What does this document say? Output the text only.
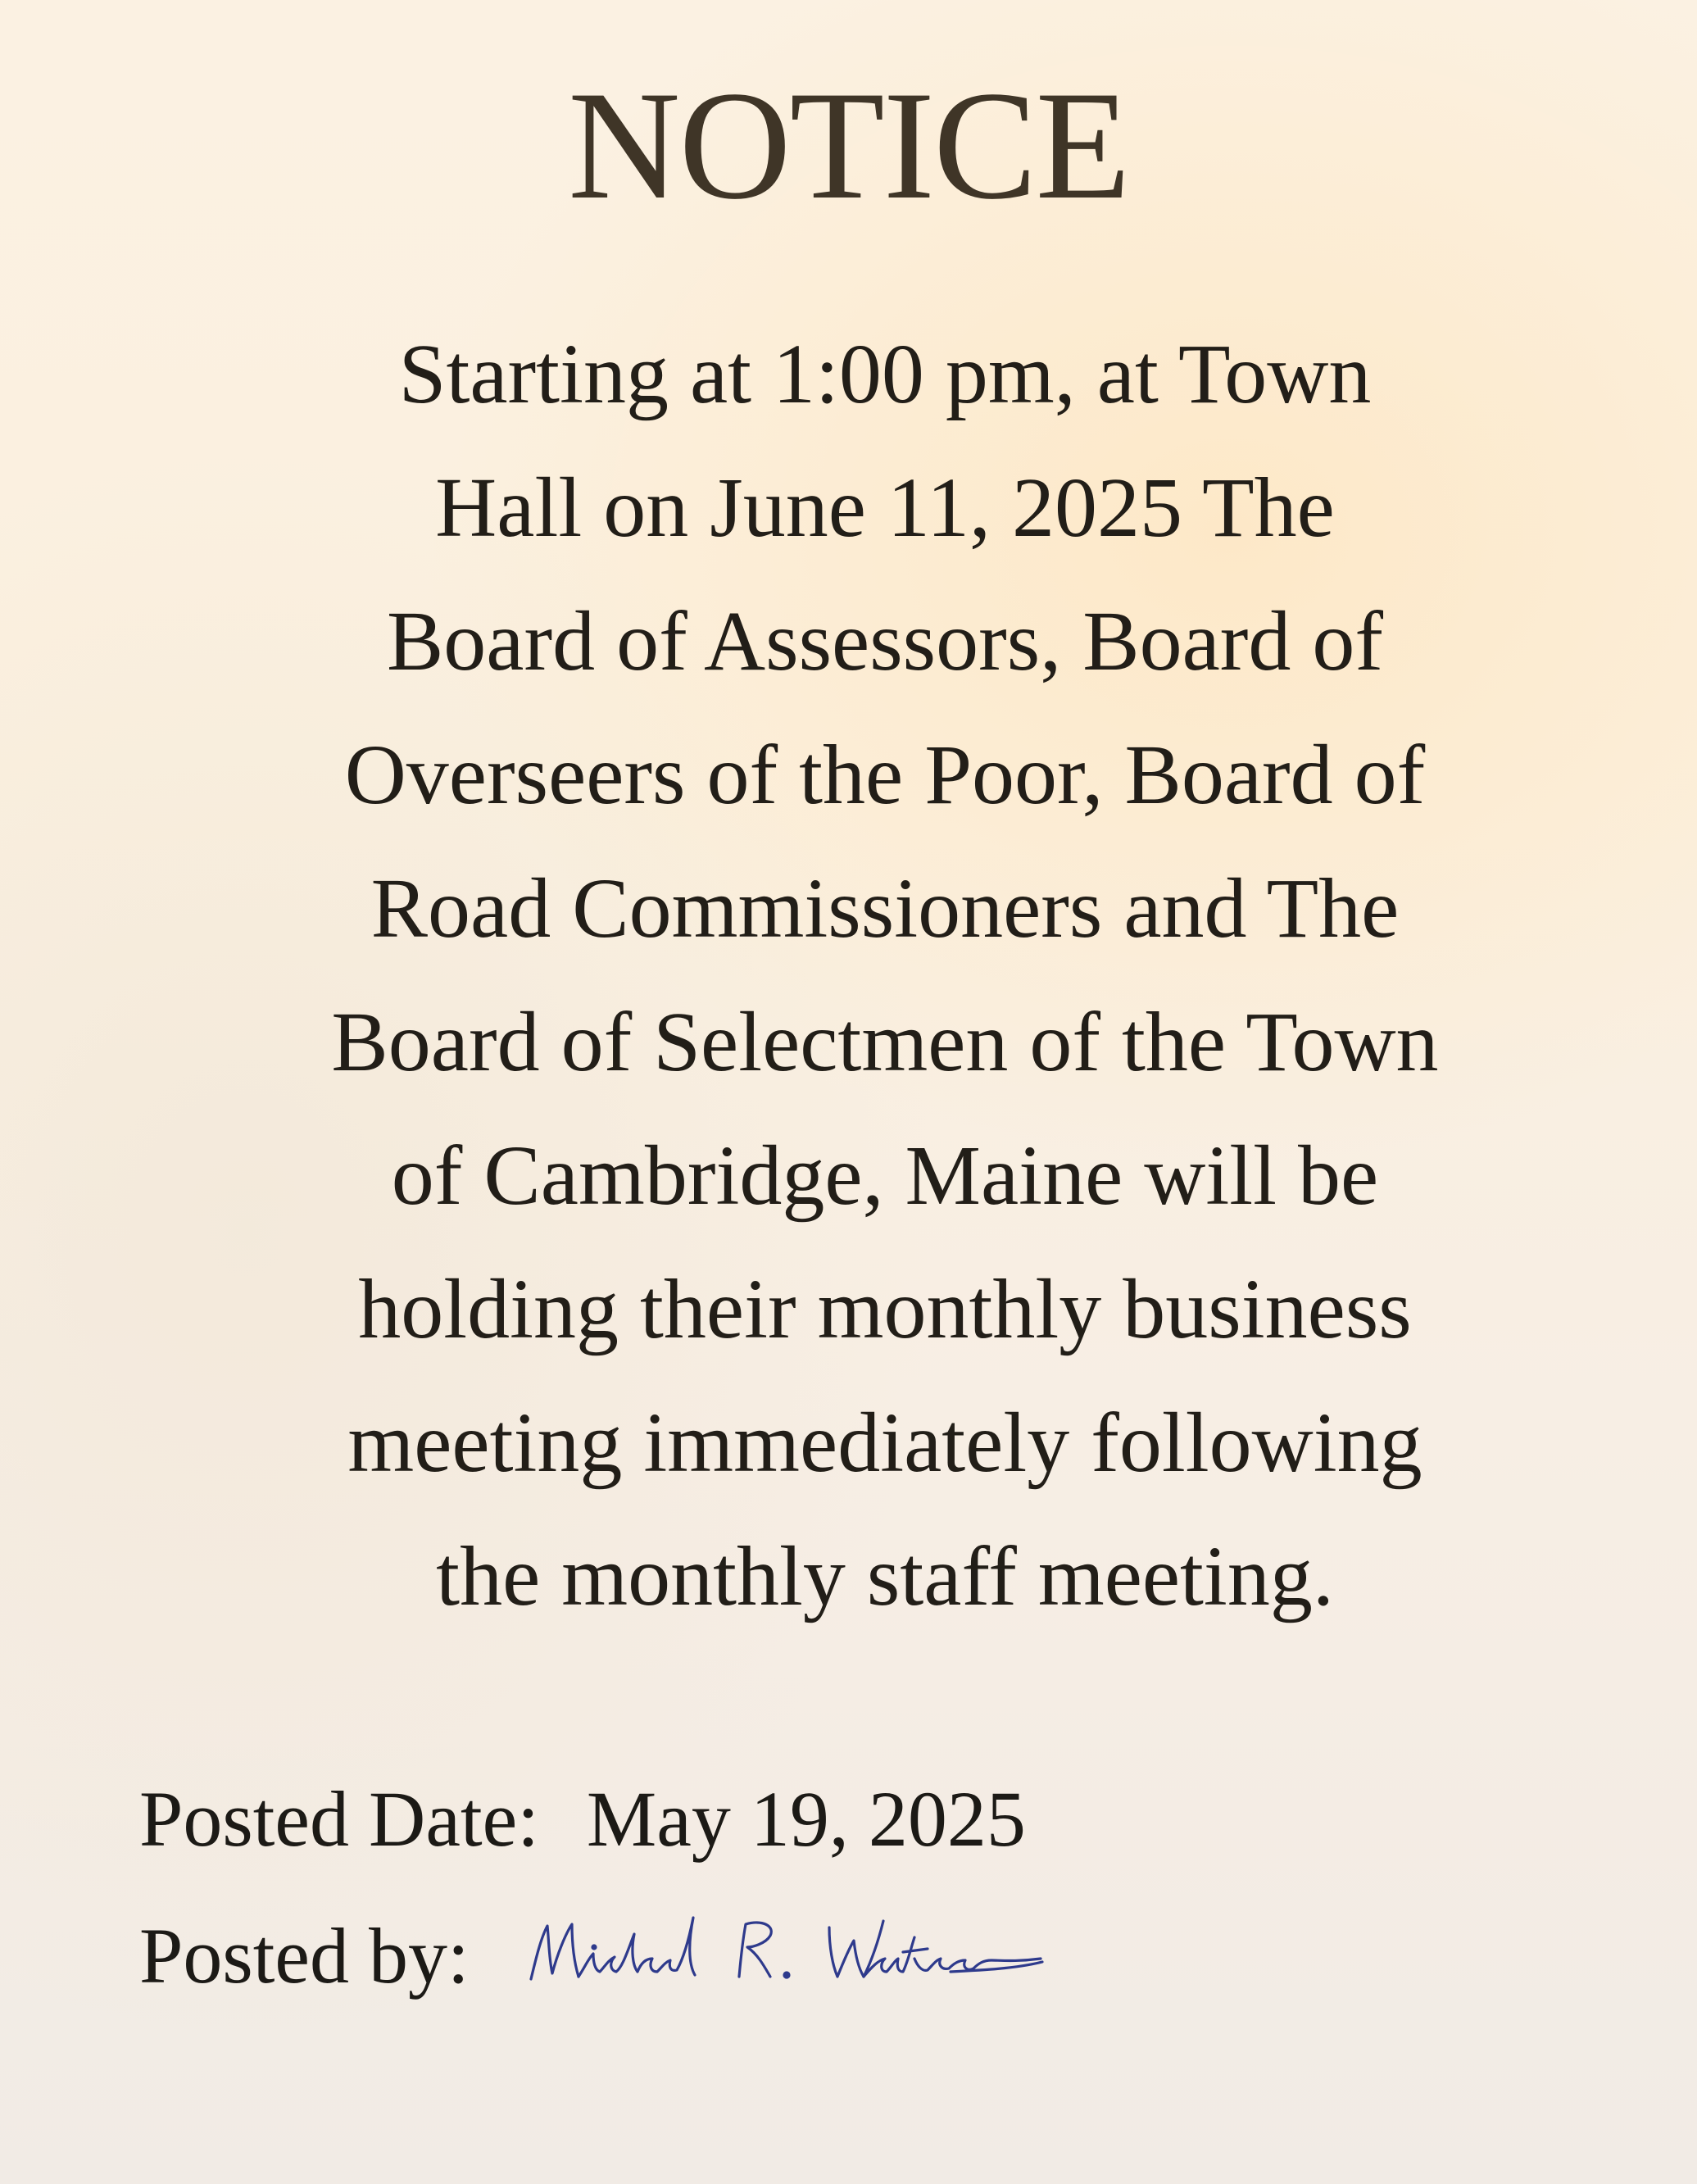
NOTICE
Starting at 1:00 pm, at Town
Hall on June 11, 2025 The
Board of Assessors, Board of
Overseers of the Poor, Board of
Road Commissioners and The
Board of Selectmen of the Town
of Cambridge, Maine will be
holding their monthly business
meeting immediately following
the monthly staff meeting.
Posted Date: May 19, 2025
Posted by:
